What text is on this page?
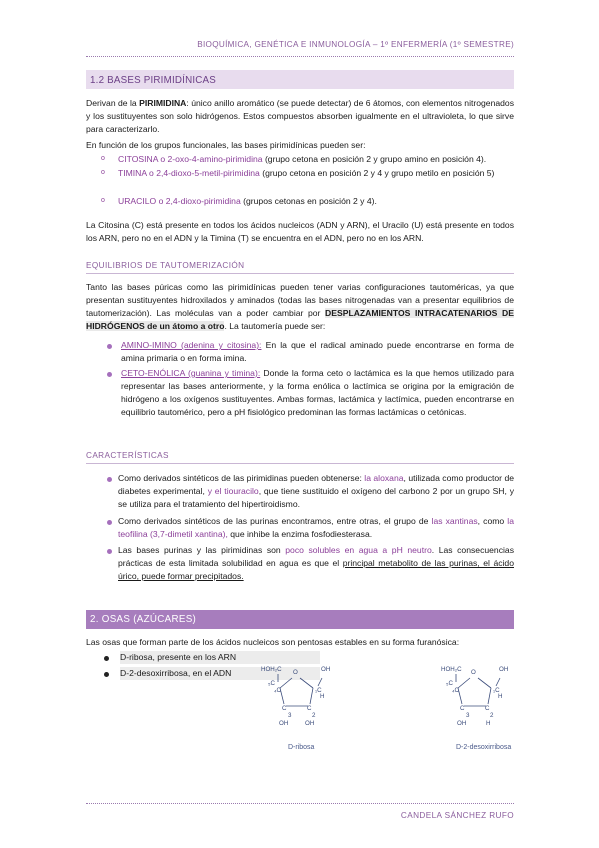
BIOQUÍMICA, GENÉTICA E INMUNOLOGÍA – 1º ENFERMERÍA (1º SEMESTRE)
1.2 BASES PIRIMIDÍNICAS
Derivan de la PIRIMIDINA: único anillo aromático (se puede detectar) de 6 átomos, con elementos nitrogenados y los sustituyentes son solo hidrógenos. Estos compuestos absorben igualmente en el ultravioleta, lo que sirve para caracterizarlo.
En función de los grupos funcionales, las bases pirimidínicas pueden ser:
o CITOSINA o 2-oxo-4-amino-pirimidina (grupo cetona en posición 2 y grupo amino en posición 4).
o TIMINA o 2,4-dioxo-5-metil-pirimidina (grupo cetona en posición 2 y 4 y grupo metilo en posición 5)
o URACILO o 2,4-dioxo-pirimidina (grupos cetonas en posición 2 y 4).
La Citosina (C) está presente en todos los ácidos nucleicos (ADN y ARN), el Uracilo (U) está presente en todos los ARN, pero no en el ADN y la Timina (T) se encuentra en el ADN, pero no en los ARN.
EQUILIBRIOS DE TAUTOMERIZACIÓN
Tanto las bases púricas como las pirimidínicas pueden tener varias configuraciones tautoméricas, ya que presentan sustituyentes hidroxilados y aminados (todas las bases nitrogenadas van a presentar equilibrios de tautomerización). Las moléculas van a poder cambiar por DESPLAZAMIENTOS INTRACATENARIOS DE HIDRÓGENOS de un átomo a otro. La tautomería puede ser:
AMINO-IMINO (adenina y citosina): En la que el radical aminado puede encontrarse en forma de amina primaria o en forma imina.
CETO-ENÓLICA (guanina y timina): Donde la forma ceto o lactámica es la que hemos utilizado para representar las bases anteriormente, y la forma enólica o lactímica se origina por la emigración de hidrógeno a los oxígenos sustituyentes. Ambas formas, lactámica y lactímica, pueden encontrarse en equilibrio tautomérico, pero a pH fisiológico predominan las formas lactámicas o cetónicas.
CARACTERÍSTICAS
Como derivados sintéticos de las pirimidinas pueden obtenerse: la aloxana, utilizada como productor de diabetes experimental, y el tiouracilo, que tiene sustituido el oxígeno del carbono 2 por un grupo SH, y se utiliza para el tratamiento del hipertiroidismo.
Como derivados sintéticos de las purinas encontramos, entre otras, el grupo de las xantinas, como la teofilina (3,7-dimetil xantina), que inhibe la enzima fosfodiesterasa.
Las bases purinas y las pirimidinas son poco solubles en agua a pH neutro. Las consecuencias prácticas de esta limitada solubilidad en agua es que el principal metabolito de las purinas, el ácido úrico, puede formar precipitados.
2. OSAS (AZÚCARES)
Las osas que forman parte de los ácidos nucleicos son pentosas estables en su forma furanósica:
D-ribosa, presente en los ARN
D-2-desoxirribosa, en el ADN	HOH₂C O	OH
₅C
₄C	₁C
H
C	C
3	2
OH	OH
D-ribosa
HOH₂C O	OH
₅C
₄C	₁C
H
C	C
3	2
OH	H
D-2-desoxirribosa
CANDELA SÁNCHEZ RUFO
